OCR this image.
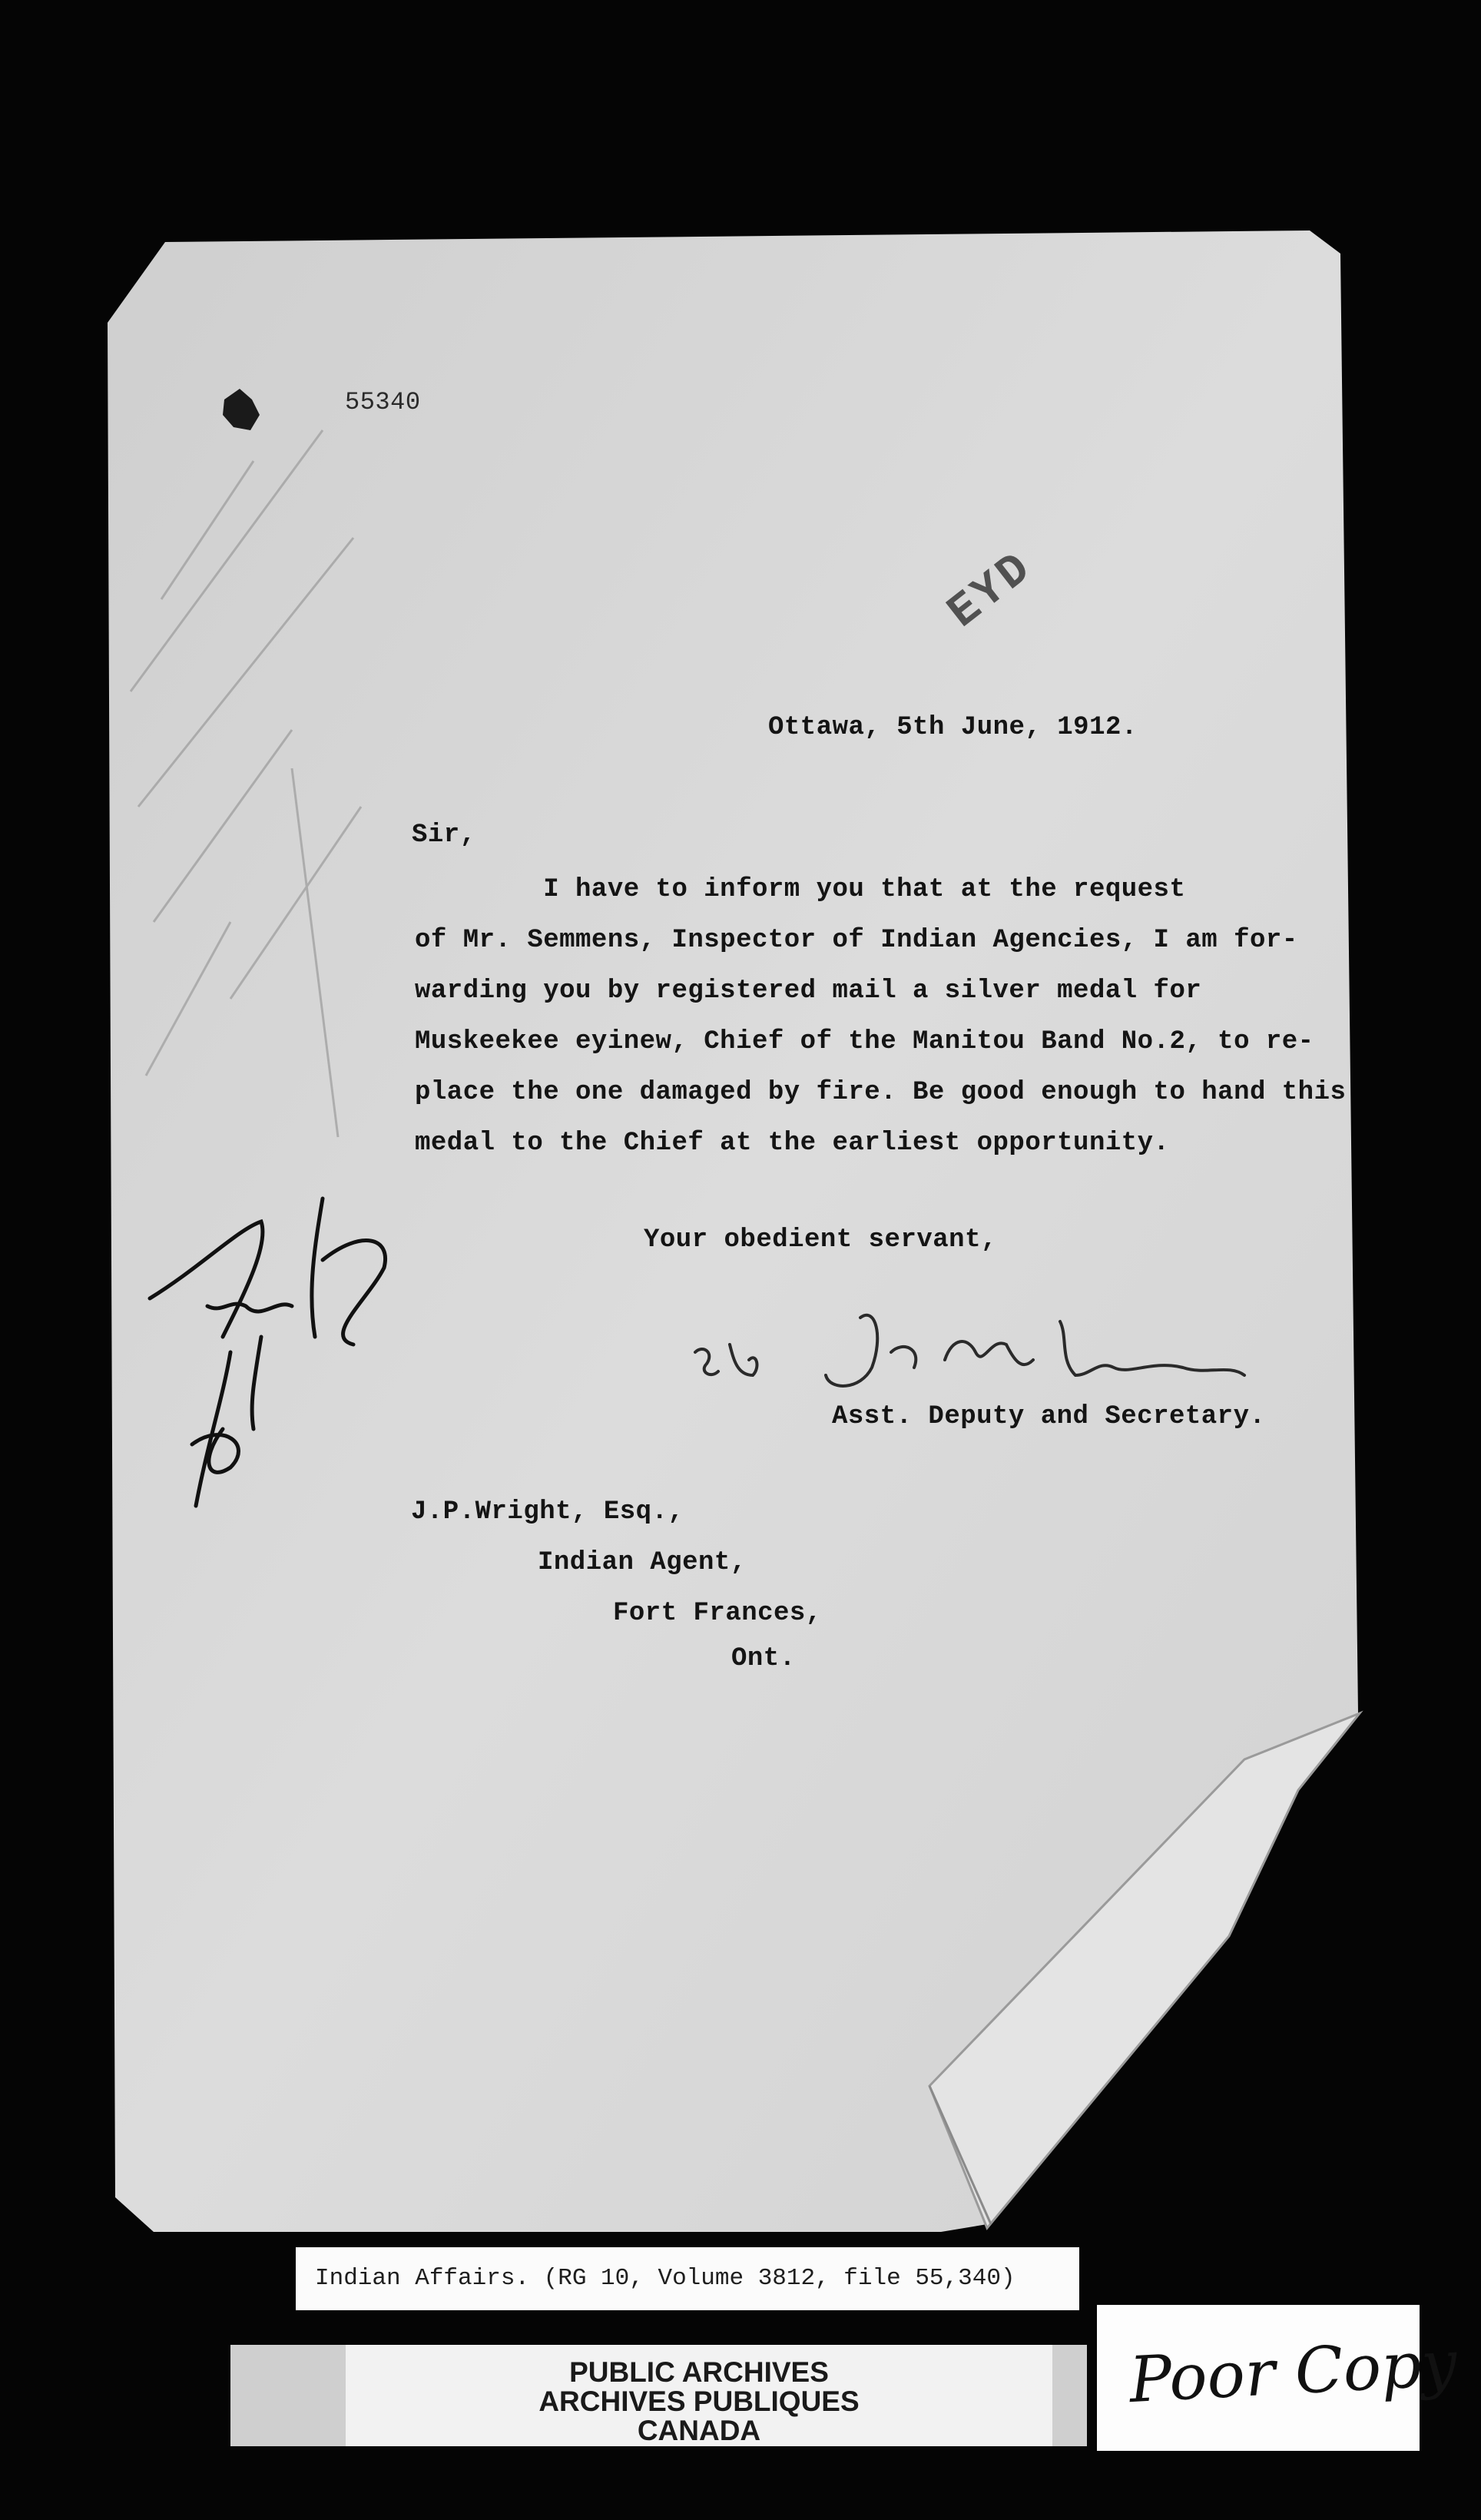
55340
EYD
Ottawa, 5th June, 1912.
Sir,
I have to inform you that at the request
of Mr. Semmens, Inspector of Indian Agencies, I am for-
warding you by registered mail a silver medal for
Muskeekee eyinew, Chief of the Manitou Band No.2, to re-
place the one damaged by fire. Be good enough to hand this
medal to the Chief at the earliest opportunity.
Your obedient servant,
Asst. Deputy and Secretary.
J.P.Wright, Esq.,
Indian Agent,
Fort Frances,
Ont.
Indian Affairs. (RG 10, Volume 3812, file 55,340)
PUBLIC ARCHIVES
ARCHIVES PUBLIQUES
CANADA
Poor Copy
